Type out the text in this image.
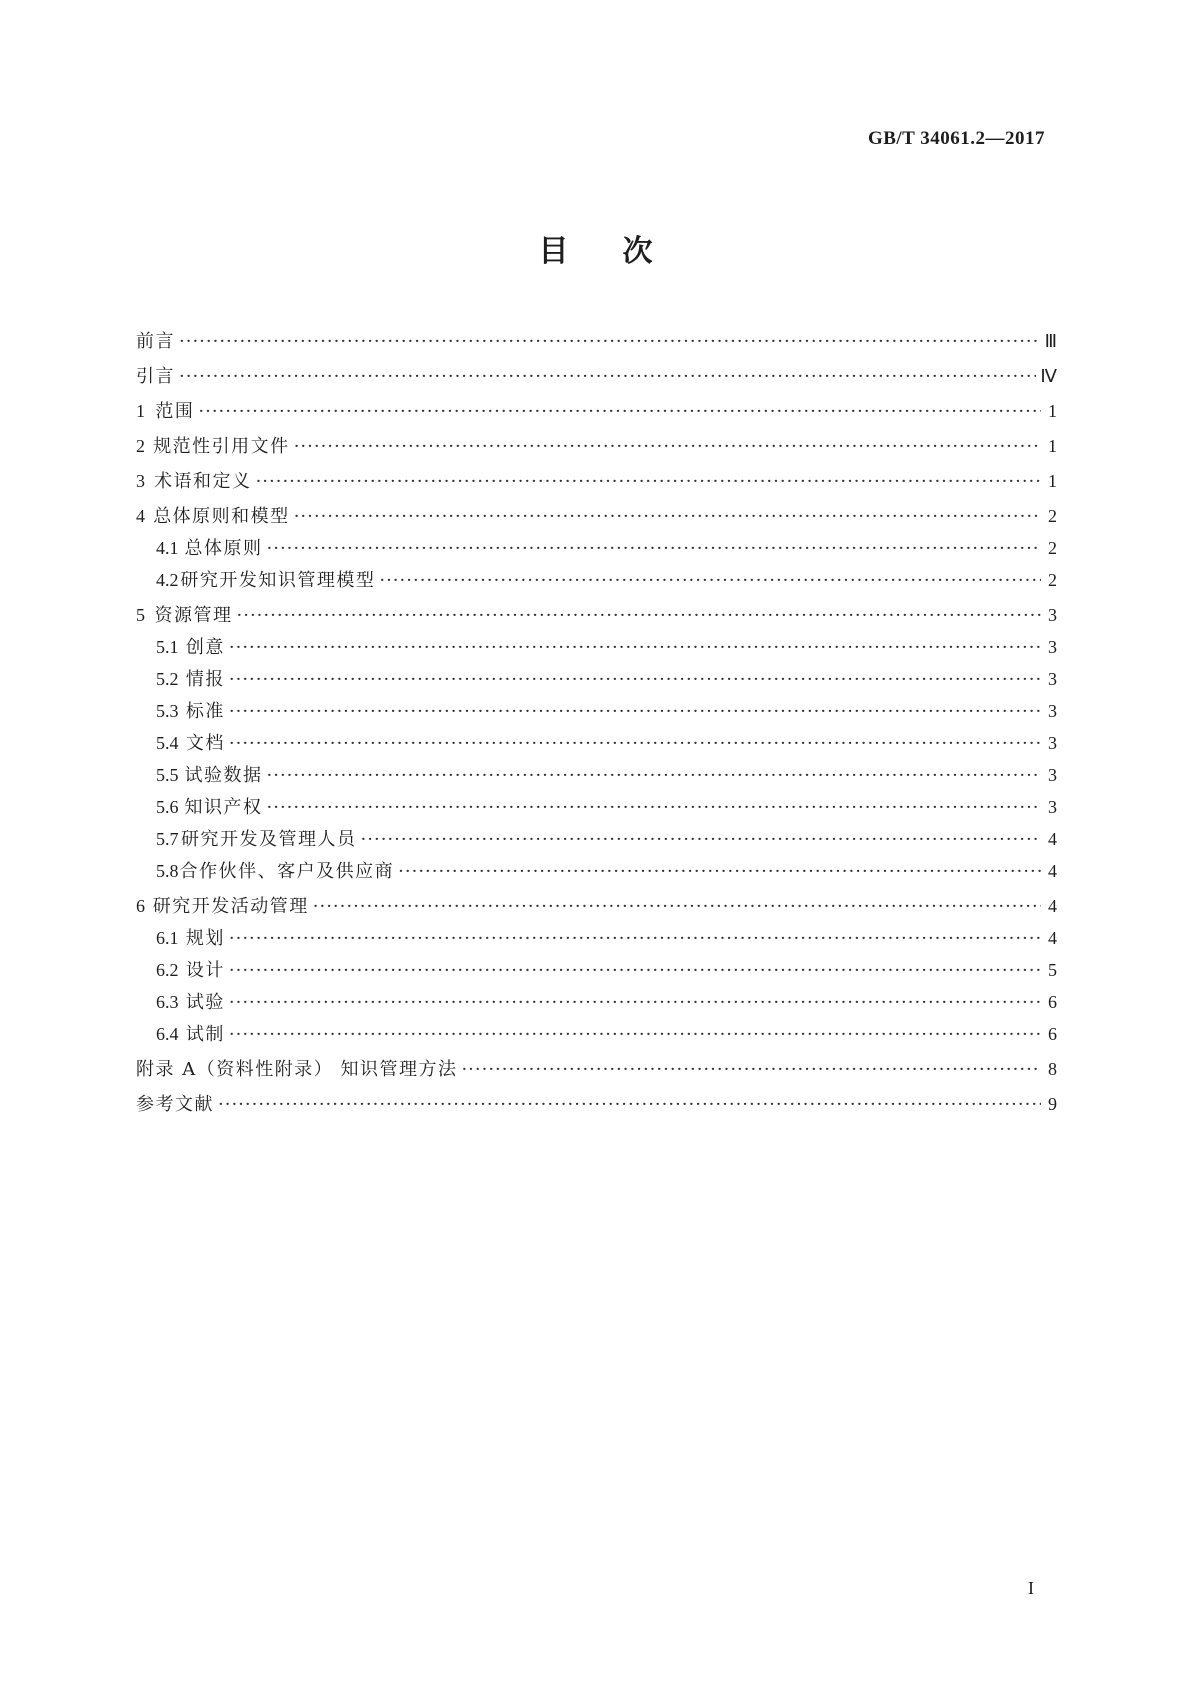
GB/T 34061.2—2017
目次
前言 ·····	Ⅲ
引言 ·····	Ⅳ
1 范围 ·····	1
2 规范性引用文件 ·····	1
3 术语和定义 ·····	1
4 总体原则和模型 ·····	2
4.1 总体原则 ·····	2
4.2 研究开发知识管理模型 ·····	2
5 资源管理 ·····	3
5.1 创意 ·····	3
5.2 情报 ·····	3
5.3 标准 ·····	3
5.4 文档 ·····	3
5.5 试验数据 ·····	3
5.6 知识产权 ·····	3
5.7 研究开发及管理人员 ·····	4
5.8 合作伙伴、客户及供应商 ·····	4
6 研究开发活动管理 ·····	4
6.1 规划 ·····	4
6.2 设计 ·····	5
6.3 试验 ·····	6
6.4 试制 ·····	6
附录 A（资料性附录） 知识管理方法 ·····	8
参考文献 ·····	9
I
